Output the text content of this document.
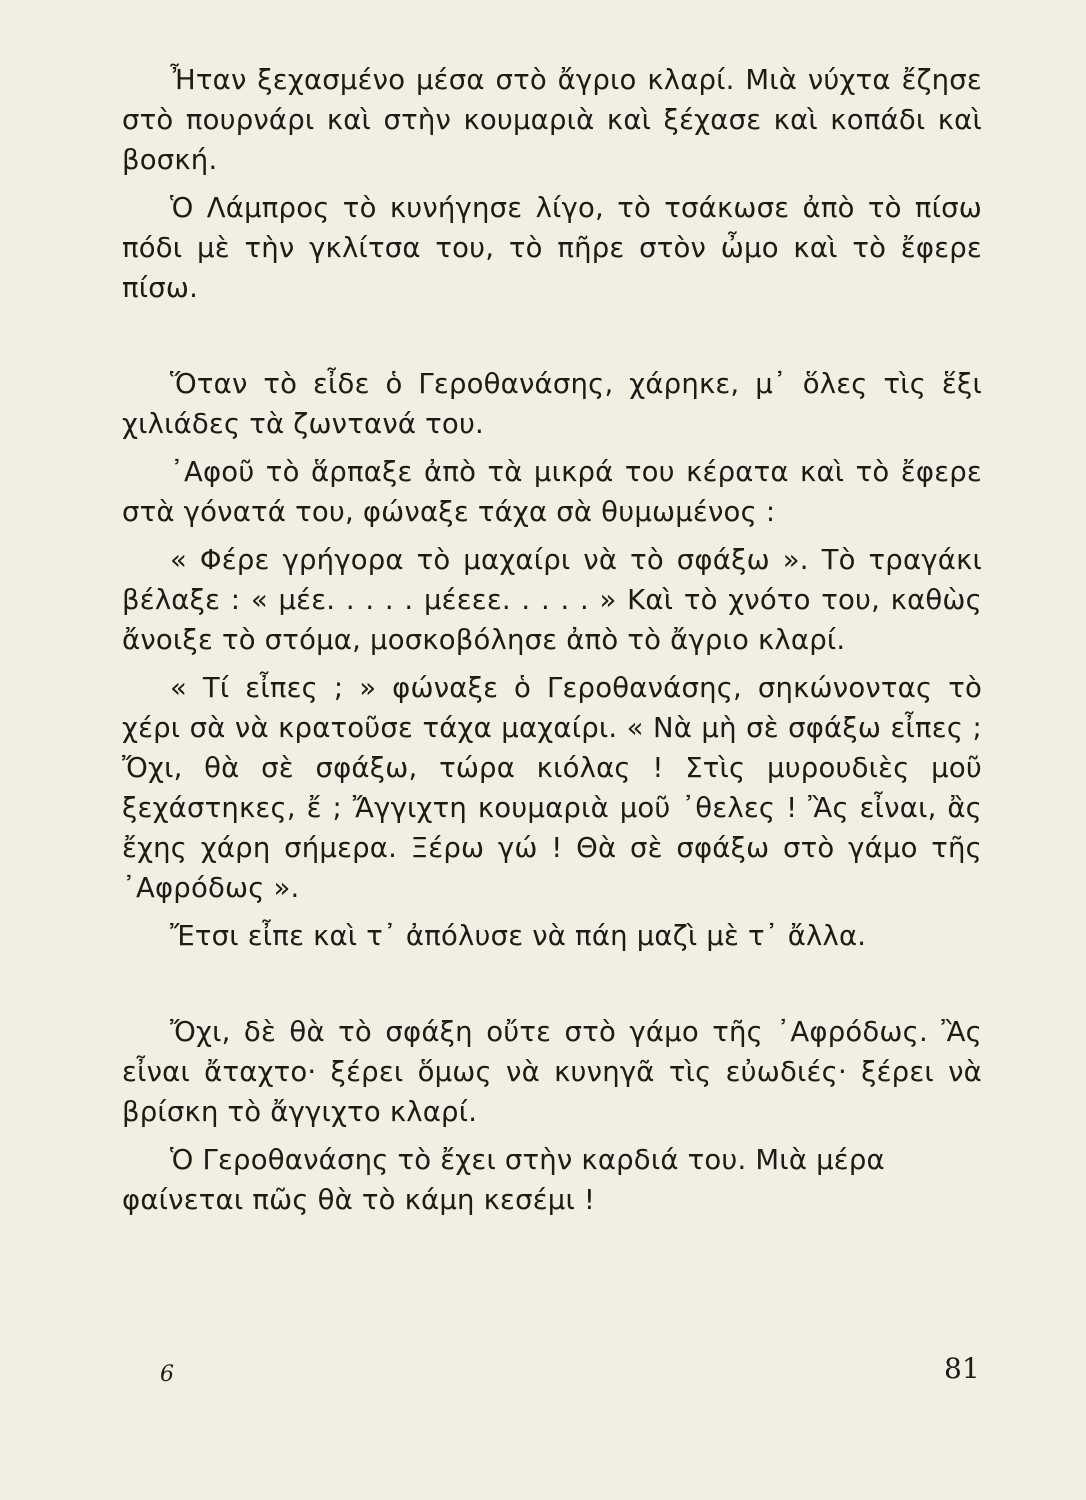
Ἦταν ξεχασμένο μέσα στὸ ἄγριο κλαρί. Μιὰ νύχτα ἔζησε στὸ πουρνάρι καὶ στὴν κουμαριὰ καὶ ξέχασε καὶ κοπάδι καὶ βοσκή.

Ὁ Λάμπρος τὸ κυνήγησε λίγο, τὸ τσάκωσε ἀπὸ τὸ πίσω πόδι μὲ τὴν γκλίτσα του, τὸ πῆρε στὸν ὦμο καὶ τὸ ἔφερε πίσω.

Ὅταν τὸ εἶδε ὁ Γεροθανάσης, χάρηκε, μ᾽ ὅλες τὶς ἕξι χιλιάδες τὰ ζωντανά του.

᾽Αφοῦ τὸ ἅρπαξε ἀπὸ τὰ μικρά του κέρατα καὶ τὸ ἔφερε στὰ γόνατά του, φώναξε τάχα σὰ θυμωμένος :

« Φέρε γρήγορα τὸ μαχαίρι νὰ τὸ σφάξω ». Τὸ τραγάκι βέλαξε : « μέε. . . . . μέεεε. . . . . » Καὶ τὸ χνότο του, καθὼς ἄνοιξε τὸ στόμα, μοσκοβόλησε ἀπὸ τὸ ἄγριο κλαρί.

« Τί εἶπες ; » φώναξε ὁ Γεροθανάσης, σηκώνοντας τὸ χέρι σὰ νὰ κρατοῦσε τάχα μαχαίρι. « Νὰ μὴ σὲ σφάξω εἶπες ; Ὄχι, θὰ σὲ σφάξω, τώρα κιόλας ! Στὶς μυρουδιὲς μοῦ ξεχάστηκες, ἔ ; Ἄγγιχτη κουμαριὰ μοῦ ᾽θελες ! Ἂς εἶναι, ἂς ἔχης χάρη σήμερα. Ξέρω γώ ! Θὰ σὲ σφάξω στὸ γάμο τῆς ᾽Αφρόδως ».

Ἔτσι εἶπε καὶ τ᾽ ἀπόλυσε νὰ πάη μαζὶ μὲ τ᾽ ἄλλα.

Ὄχι, δὲ θὰ τὸ σφάξη οὔτε στὸ γάμο τῆς ᾽Αφρόδως. Ἂς εἶναι ἄταχτο· ξέρει ὅμως νὰ κυνηγᾶ τὶς εὐωδιές· ξέρει νὰ βρίσκη τὸ ἄγγιχτο κλαρί.

Ὁ Γεροθανάσης τὸ ἔχει στὴν καρδιά του. Μιὰ μέρα φαίνεται πῶς θὰ τὸ κάμη κεσέμι !

6	81
